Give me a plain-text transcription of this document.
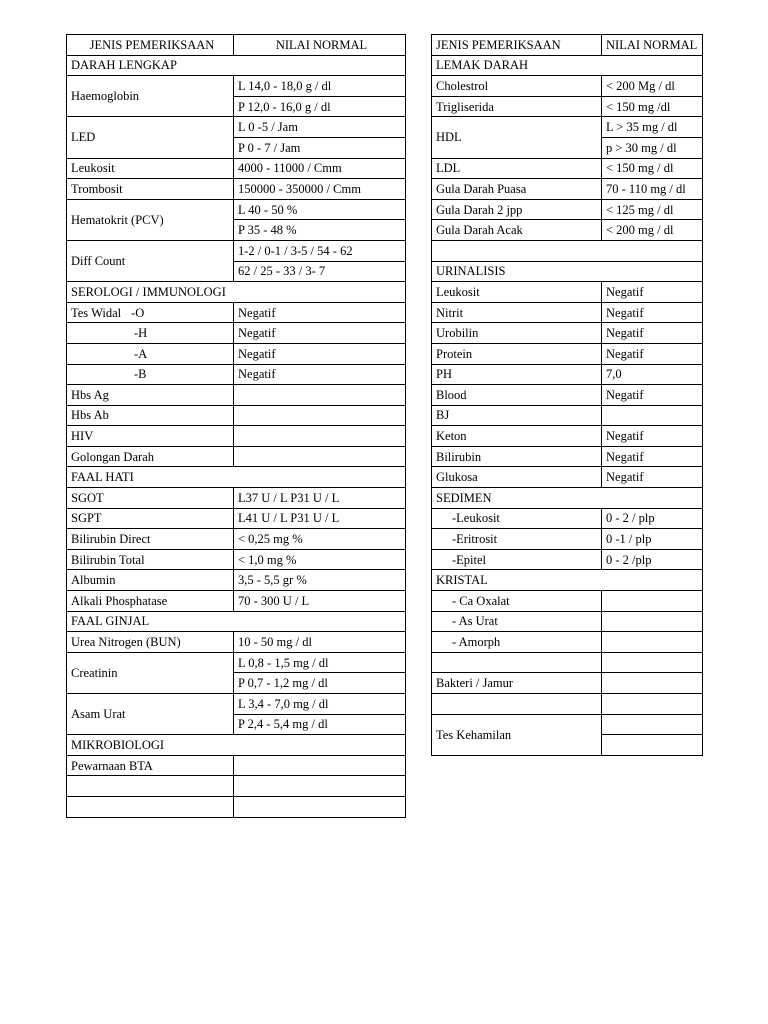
JENIS PEMERIKSAAN	NILAI NORMAL
DARAH LENGKAP	
Haemoglobin	L 14,0 - 18,0 g / dl
	P 12,0 - 16,0 g / dl
LED	L 0 -5 / Jam
	P 0 - 7 / Jam
Leukosit	4000 - 11000 / Cmm
Trombosit	150000 - 350000 / Cmm
Hematokrit (PCV)	L 40 - 50 %
	P 35 - 48 %
Diff Count	1-2 / 0-1 / 3-5 / 54 - 62
	62 / 25 - 33 / 3- 7
SEROLOGI / IMMUNOLOGI	
Tes Widal -O	Negatif
-H	Negatif
-A	Negatif
-B	Negatif
Hbs Ag	
Hbs Ab	
HIV	
Golongan Darah	
FAAL HATI	
SGOT	L37 U / L P31 U / L
SGPT	L41 U / L P31 U / L
Bilirubin Direct	< 0,25 mg %
Bilirubin Total	< 1,0 mg %
Albumin	3,5 - 5,5 gr %
Alkali Phosphatase	70 - 300 U / L
FAAL GINJAL	
Urea Nitrogen (BUN)	10 - 50 mg / dl
Creatinin	L 0,8 - 1,5 mg / dl
	P 0,7 - 1,2 mg / dl
Asam Urat	L 3,4 - 7,0 mg / dl
	P 2,4 - 5,4 mg / dl
MIKROBIOLOGI	
Pewarnaan BTA	

JENIS PEMERIKSAAN	NILAI NORMAL
LEMAK DARAH	
Cholestrol	< 200 Mg / dl
Trigliserida	< 150 mg /dl
HDL	L > 35 mg / dl
	p > 30 mg / dl
LDL	< 150 mg / dl
Gula Darah Puasa	70 - 110 mg / dl
Gula Darah 2 jpp	< 125 mg / dl
Gula Darah Acak	< 200 mg / dl

URINALISIS	
Leukosit	Negatif
Nitrit	Negatif
Urobilin	Negatif
Protein	Negatif
PH	7,0
Blood	Negatif
BJ	
Keton	Negatif
Bilirubin	Negatif
Glukosa	Negatif
SEDIMEN	
-Leukosit	0 - 2 / plp
-Eritrosit	0 -1 / plp
-Epitel	0 - 2 /plp
KRISTAL	
- Ca Oxalat	
- As Urat	
- Amorph	

Bakteri / Jamur	

Tes Kehamilan	
